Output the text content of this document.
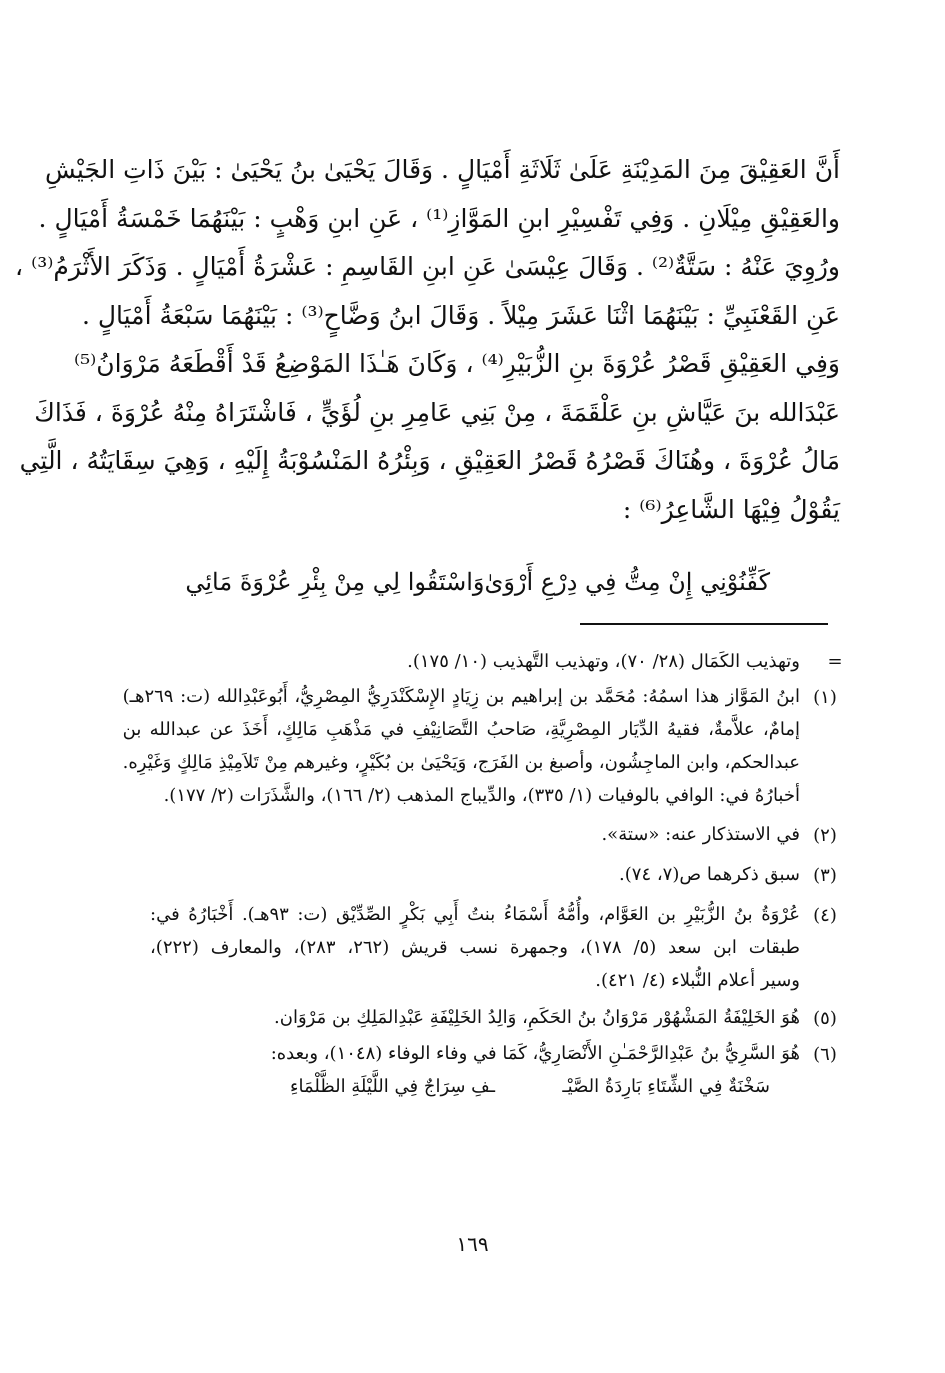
أَنَّ العَقِيْقَ مِنَ المَدِيْنَةِ عَلَىٰ ثَلَاثَةِ أَمْيَالٍ . وَقَالَ يَحْيَىٰ بنُ يَحْيَىٰ : بَيْنَ ذَاتِ الجَيْشِ
والعَقِيْقِ مِيْلَانِ . وَفِي تَفْسِيْرِ ابنِ المَوَّازِ⁽¹⁾ ، عَنِ ابنِ وَهْبٍ : بَيْنَهُمَا خَمْسَةُ أَمْيَالٍ .
ورُوِيَ عَنْهُ : سَتَّةٌ⁽²⁾ . وَقَالَ عِيْسَىٰ عَنِ ابنِ القَاسِمِ : عَشْرَةُ أَمْيَالٍ . وَذَكَرَ الأَثْرَمُ⁽³⁾ ،
عَنِ القَعْنَبِيِّ : بَيْنَهُمَا اثْنَا عَشَرَ مِيْلاً . وَقَالَ ابنُ وَضَّاحٍ⁽³⁾ : بَيْنَهُمَا سَبْعَةُ أَمْيَالٍ .
وَفِي العَقِيْقِ قَصْرُ عُرْوَةَ بنِ الزُّبَيْرِ⁽⁴⁾ ، وَكَانَ هَـٰذَا المَوْضِعُ قَدْ أَقْطَعَهُ مَرْوَانُ⁽⁵⁾
عَبْدَالله بنَ عَيَّاشِ بنِ عَلْقَمَةَ ، مِنْ بَنِي عَامِرِ بنِ لُؤَيٍّ ، فَاشْتَرَاهُ مِنْهُ عُرْوَةَ ، فَذَاكَ
مَالُ عُرْوَةَ ، وهُنَاكَ قَصْرُهُ قَصْرُ العَقِيْقِ ، وَبِئْرُهُ المَنْسُوْبَةُ إِلَيْهِ ، وَهِيَ سِقَايَتُهُ ، الَّتِي
يَقُوْلُ فِيْهَا الشَّاعِرُ⁽⁶⁾ :
كَفِّنُوْنِي إِنْ مِتُّ فِي دِرْعِ أَرْوَىٰ
وَاسْتَقُوا لِي مِنْ بِئْرِ عُرْوَةَ مَائِي
=
وتهذيب الكَمَال (٢٨/ ٧٠)، وتهذيب التَّهذيب (١٠/ ١٧٥).
(١)
ابنُ المَوَّاز هذا اسمُهُ: مُحَمَّد بن إبراهيم بن زِيَادٍ الإِسْكَنْدَرِيُّ المِصْرِيُّ، أَبُوعَبْدِالله (ت: ٢٦٩هـ)
إمامٌ، علاَّمةٌ، فقيهُ الدِّيَار المِصْرِيَّةِ، صَاحبُ التَّصَانِيْفِ في مَذْهَبِ مَالِكٍ، أَخَذَ عن عبدالله بن
عبدالحكم، وابن الماجِشُون، وأصبغ بن الفَرَج، وَيَحْيَىٰ بن بُكَيْرٍ، وغيرهم مِنْ تَلاَمِيْذِ مَالِكٍ وَغَيْرِه.
أخبارُهُ في: الوافي بالوفيات (١/ ٣٣٥)، والدِّيباج المذهب (٢/ ١٦٦)، والشَّذَرَات (٢/ ١٧٧).
(٢)
في الاستذكار عنه: «ستة».
(٣)
سبق ذكرهما ص(٧، ٧٤).
(٤)
عُرْوَةُ بنُ الزُّبَيْرِ بن العَوَّام، وأُمُّهُ أَسْمَاءُ بنتُ أَبِي بَكْرٍ الصِّدِّيْق (ت: ٩٣هـ). أَخْبَارُهُ في:
طبقات ابن سعد (٥/ ١٧٨)، وجمهرة نسب قريش (٢٦٢، ٢٨٣)، والمعارف (٢٢٢)،
وسير أعلام النُّبلاء (٤/ ٤٢١).
(٥)
هُوَ الخَلِيْفَةُ المَشْهُوْر مَرْوَانُ بنُ الحَكَمِ، وَالِدُ الخَلِيْفَةِ عَبْدِالمَلِكِ بن مَرْوَان.
(٦)
هُوَ السَّرِيُّ بنُ عَبْدِالرَّحْمَـٰنِ الأَنْصَارِيُّ، كَمَا في وفاء الوفاء (١٠٤٨)، وبعده:
سَخْنَةٌ فِي الشِّتَاءِ بَارِدَةُ الصَّيْـ
ـفِ سِرَاجٌ فِي اللَّيْلَةِ الظَّلْمَاءِ
١٦٩
